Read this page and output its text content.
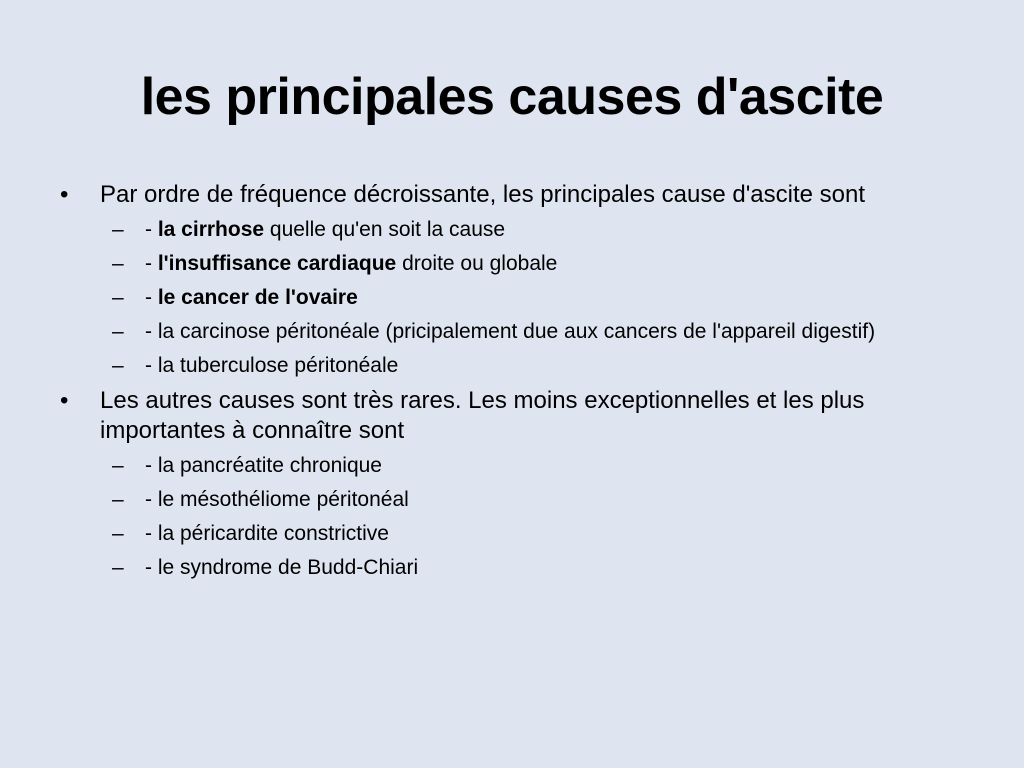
les principales causes d'ascite
• Par ordre de fréquence décroissante, les principales cause d'ascite sont
– - la cirrhose quelle qu'en soit la cause
– - l'insuffisance cardiaque droite ou globale
– - le cancer de l'ovaire
– - la carcinose péritonéale (pricipalement due aux cancers de l'appareil digestif)
– - la tuberculose péritonéale
• Les autres causes sont très rares. Les moins exceptionnelles et les plus importantes à connaître sont
– - la pancréatite chronique
– - le mésothéliome péritonéal
– - la péricardite constrictive
– - le syndrome de Budd-Chiari
